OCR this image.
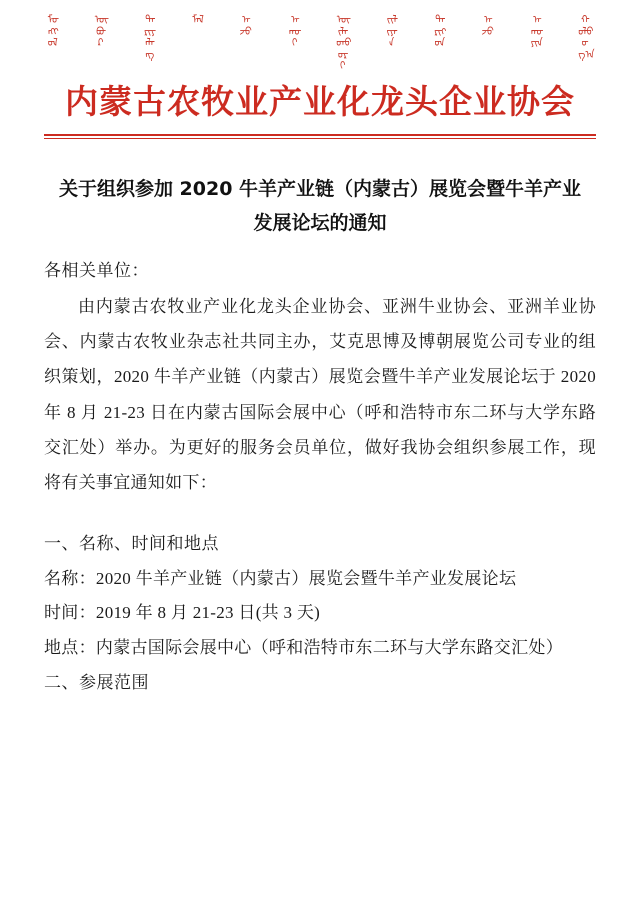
ᠮᠣᠩᠭᠣᠯ
ᠥᠪᠥᠷ
ᠲᠠᠷᠢᠶᠠᠯᠠᠩ
ᠮᠠᠯ	ᠠᠵᠤ
ᠠᠬᠤᠢ
ᠦᠢᠯᠡᠳᠪᠦᠷᠢ
ᠵᠢᠯᠢᠶᠡᠨ
ᠲᠡᠷᠢᠭᠦᠨ
ᠠᠵᠤ
ᠠᠬᠤᠶᠢᠨ
ᠬᠣᠯᠪᠣᠭ᠎ᠠ
内蒙古农牧业产业化龙头企业协会
关于组织参加 2020 牛羊产业链（内蒙古）展览会暨牛羊产业发展论坛的通知
各相关单位：
由内蒙古农牧业产业化龙头企业协会、亚洲牛业协会、亚洲羊业协会、内蒙古农牧业杂志社共同主办，艾克思博及博朝展览公司专业的组织策划，2020 牛羊产业链（内蒙古）展览会暨牛羊产业发展论坛于 2020 年 8 月 21-23 日在内蒙古国际会展中心（呼和浩特市东二环与大学东路交汇处）举办。为更好的服务会员单位，做好我协会组织参展工作，现将有关事宜通知如下：
一、名称、时间和地点
名称：2020 牛羊产业链（内蒙古）展览会暨牛羊产业发展论坛
时间：2019 年 8 月 21-23 日(共 3 天)
地点：内蒙古国际会展中心（呼和浩特市东二环与大学东路交汇处）
二、参展范围
